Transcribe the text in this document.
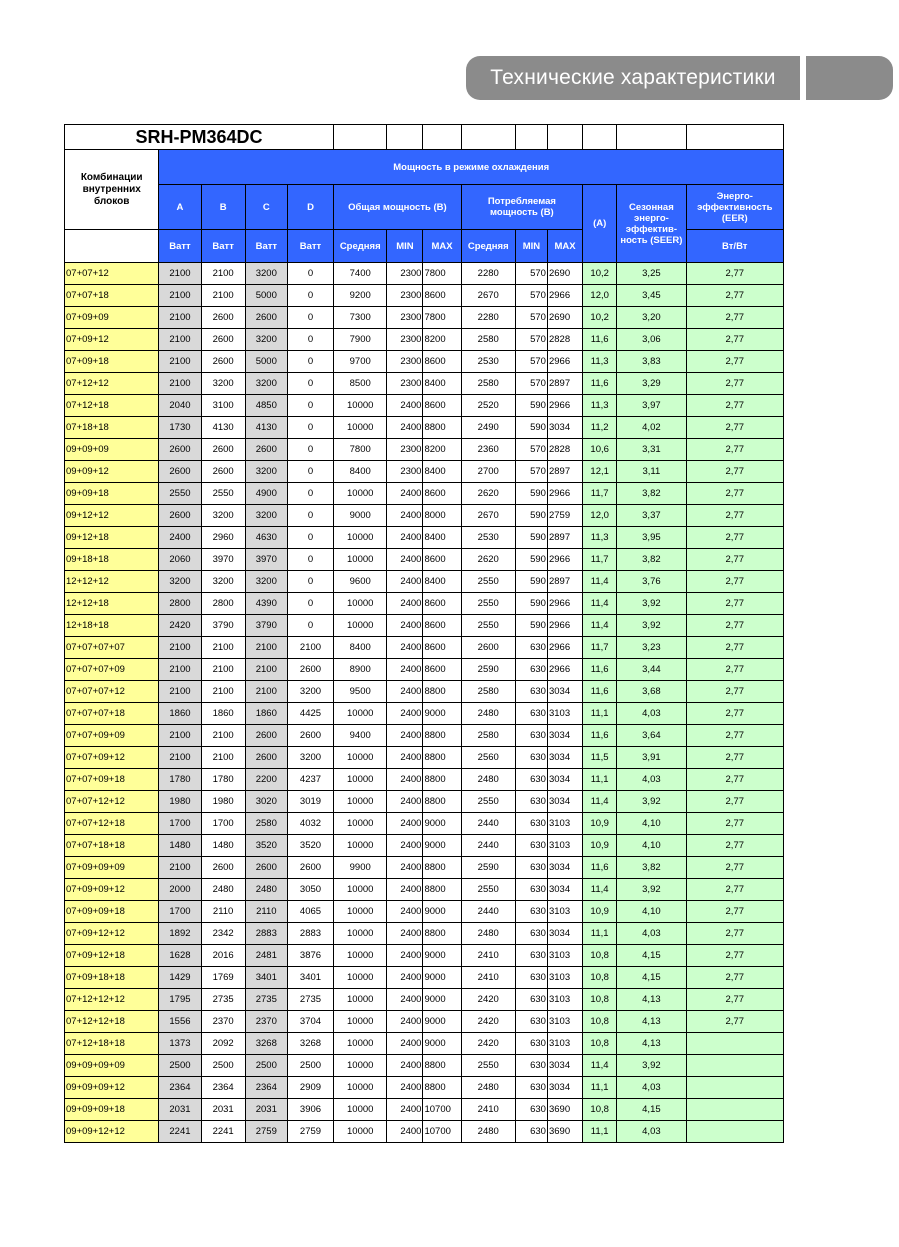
Технические характеристики
SRH-PM364DC													
Комбинации внутренних блоков	Мощность в режиме охлаждения												
	A	B	C	D	Общая мощность (В)			Потребляемая мощность (В)			(A)	Сезонная энерго-эффектив-ность (SEER)	Энерго-эффективность (EER)
	Ватт	Ватт	Ватт	Ватт	Средняя	MIN	MAX	Средняя	MIN	MAX			Вт/Вт
07+07+12	2100	2100	3200	0	7400	2300	7800	2280	570	2690	10,2	3,25	2,77
07+07+18	2100	2100	5000	0	9200	2300	8600	2670	570	2966	12,0	3,45	2,77
07+09+09	2100	2600	2600	0	7300	2300	7800	2280	570	2690	10,2	3,20	2,77
07+09+12	2100	2600	3200	0	7900	2300	8200	2580	570	2828	11,6	3,06	2,77
07+09+18	2100	2600	5000	0	9700	2300	8600	2530	570	2966	11,3	3,83	2,77
07+12+12	2100	3200	3200	0	8500	2300	8400	2580	570	2897	11,6	3,29	2,77
07+12+18	2040	3100	4850	0	10000	2400	8600	2520	590	2966	11,3	3,97	2,77
07+18+18	1730	4130	4130	0	10000	2400	8800	2490	590	3034	11,2	4,02	2,77
09+09+09	2600	2600	2600	0	7800	2300	8200	2360	570	2828	10,6	3,31	2,77
09+09+12	2600	2600	3200	0	8400	2300	8400	2700	570	2897	12,1	3,11	2,77
09+09+18	2550	2550	4900	0	10000	2400	8600	2620	590	2966	11,7	3,82	2,77
09+12+12	2600	3200	3200	0	9000	2400	8000	2670	590	2759	12,0	3,37	2,77
09+12+18	2400	2960	4630	0	10000	2400	8400	2530	590	2897	11,3	3,95	2,77
09+18+18	2060	3970	3970	0	10000	2400	8600	2620	590	2966	11,7	3,82	2,77
12+12+12	3200	3200	3200	0	9600	2400	8400	2550	590	2897	11,4	3,76	2,77
12+12+18	2800	2800	4390	0	10000	2400	8600	2550	590	2966	11,4	3,92	2,77
12+18+18	2420	3790	3790	0	10000	2400	8600	2550	590	2966	11,4	3,92	2,77
07+07+07+07	2100	2100	2100	2100	8400	2400	8600	2600	630	2966	11,7	3,23	2,77
07+07+07+09	2100	2100	2100	2600	8900	2400	8600	2590	630	2966	11,6	3,44	2,77
07+07+07+12	2100	2100	2100	3200	9500	2400	8800	2580	630	3034	11,6	3,68	2,77
07+07+07+18	1860	1860	1860	4425	10000	2400	9000	2480	630	3103	11,1	4,03	2,77
07+07+09+09	2100	2100	2600	2600	9400	2400	8800	2580	630	3034	11,6	3,64	2,77
07+07+09+12	2100	2100	2600	3200	10000	2400	8800	2560	630	3034	11,5	3,91	2,77
07+07+09+18	1780	1780	2200	4237	10000	2400	8800	2480	630	3034	11,1	4,03	2,77
07+07+12+12	1980	1980	3020	3019	10000	2400	8800	2550	630	3034	11,4	3,92	2,77
07+07+12+18	1700	1700	2580	4032	10000	2400	9000	2440	630	3103	10,9	4,10	2,77
07+07+18+18	1480	1480	3520	3520	10000	2400	9000	2440	630	3103	10,9	4,10	2,77
07+09+09+09	2100	2600	2600	2600	9900	2400	8800	2590	630	3034	11,6	3,82	2,77
07+09+09+12	2000	2480	2480	3050	10000	2400	8800	2550	630	3034	11,4	3,92	2,77
07+09+09+18	1700	2110	2110	4065	10000	2400	9000	2440	630	3103	10,9	4,10	2,77
07+09+12+12	1892	2342	2883	2883	10000	2400	8800	2480	630	3034	11,1	4,03	2,77
07+09+12+18	1628	2016	2481	3876	10000	2400	9000	2410	630	3103	10,8	4,15	2,77
07+09+18+18	1429	1769	3401	3401	10000	2400	9000	2410	630	3103	10,8	4,15	2,77
07+12+12+12	1795	2735	2735	2735	10000	2400	9000	2420	630	3103	10,8	4,13	2,77
07+12+12+18	1556	2370	2370	3704	10000	2400	9000	2420	630	3103	10,8	4,13	2,77
07+12+18+18	1373	2092	3268	3268	10000	2400	9000	2420	630	3103	10,8	4,13	
09+09+09+09	2500	2500	2500	2500	10000	2400	8800	2550	630	3034	11,4	3,92	
09+09+09+12	2364	2364	2364	2909	10000	2400	8800	2480	630	3034	11,1	4,03	
09+09+09+18	2031	2031	2031	3906	10000	2400	10700	2410	630	3690	10,8	4,15	
09+09+12+12	2241	2241	2759	2759	10000	2400	10700	2480	630	3690	11,1	4,03	
